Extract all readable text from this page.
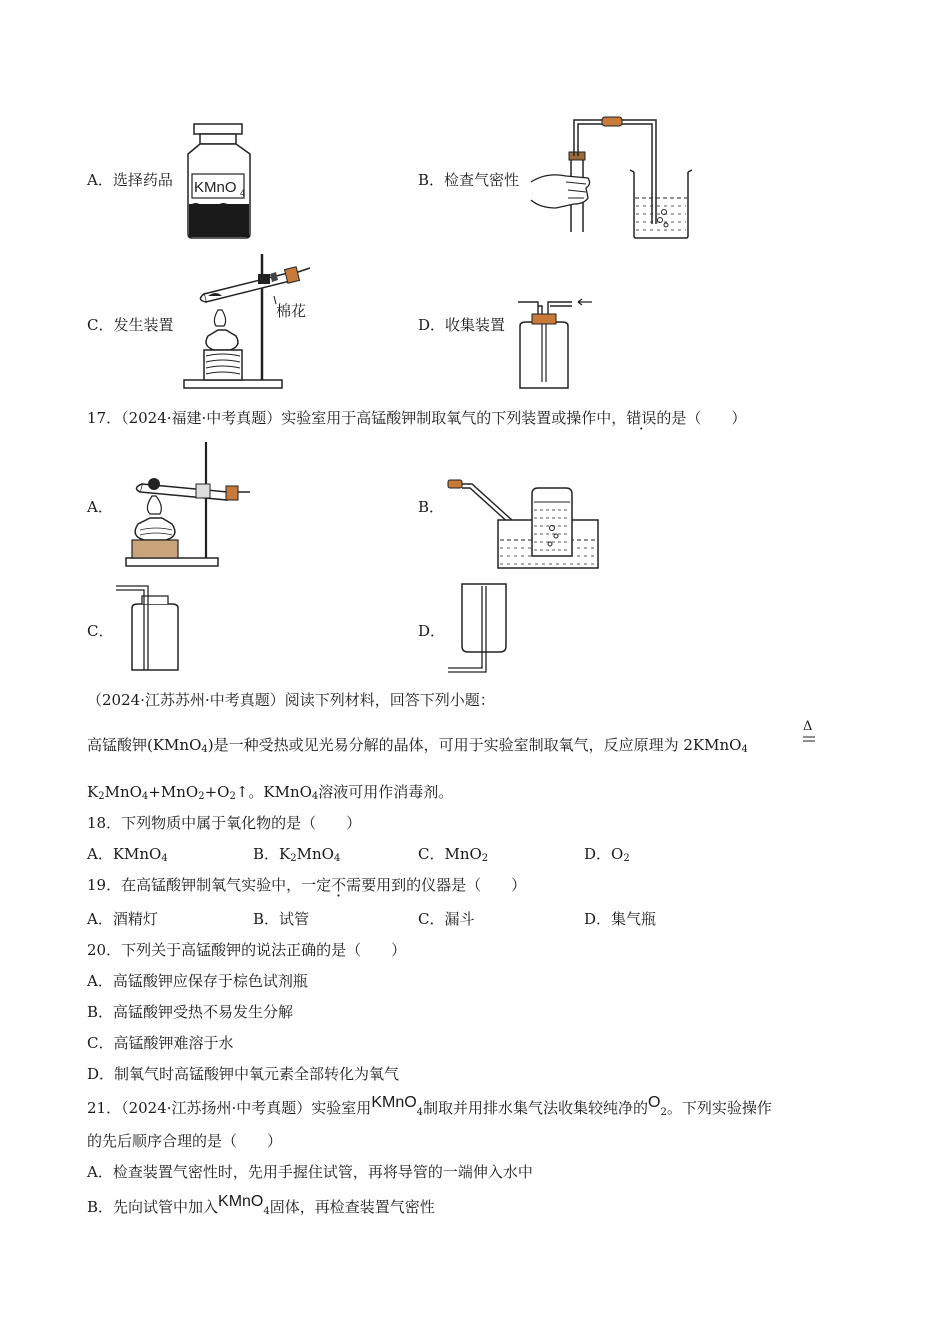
A．选择药品 KMnO 4
B．检查气密性
C．发生装置
棉花
D．收集装置
17．（2024·福建·中考真题）实验室用于高锰酸钾制取氧气的下列装置或操作中，错误的是（　　）
A．	B．
C．	D．
（2024·江苏苏州·中考真题）阅读下列材料，回答下列小题：
高锰酸钾(KMnO$_4$)是一种受热或见光易分解的晶体，可用于实验室制取氧气，反应原理为 2KMnO$_4$
Δ
$K_2MnO_4+MnO_2+O_2↑$。KMnO$_4$溶液可用作消毒剂。
18．下列物质中属于氧化物的是（　　）
A．KMnO$_4$	B．$K_2MnO_4$	C．MnO$_2$	D．$O_2$
19．在高锰酸钾制氧气实验中，一定不需要用到的仪器是（　　）
A．酒精灯	B．试管	C．漏斗	D．集气瓶
20．下列关于高锰酸钾的说法正确的是（　　）
A．高锰酸钾应保存于棕色试剂瓶
B．高锰酸钾受热不易发生分解
C．高锰酸钾难溶于水
D．制氧气时高锰酸钾中氧元素全部转化为氧气
21．（2024·江苏扬州·中考真题）实验室用KMnO$_4$制取并用排水集气法收集较纯净的$O_2$。下列实验操作
的先后顺序合理的是（　　）
A．检查装置气密性时，先用手握住试管，再将导管的一端伸入水中
B．先向试管中加入KMnO$_4$固体，再检查装置气密性
